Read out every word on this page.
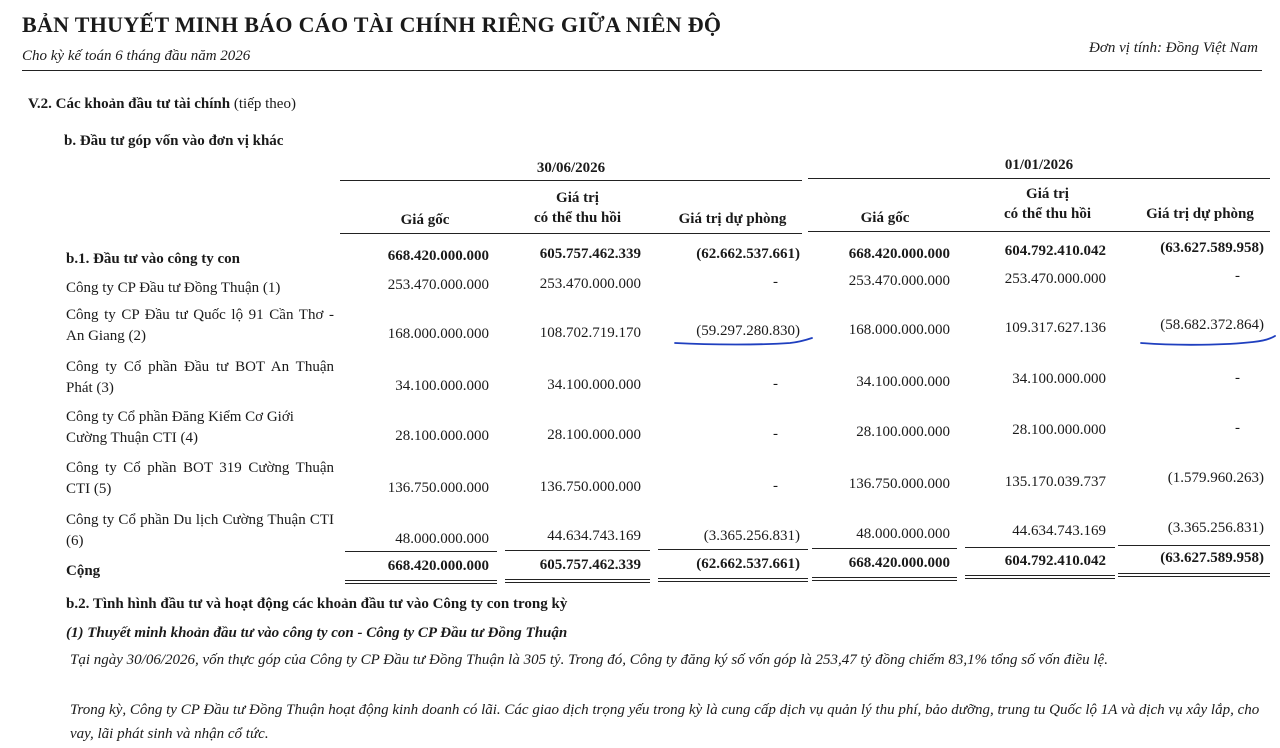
BẢN THUYẾT MINH BÁO CÁO TÀI CHÍNH RIÊNG GIỮA NIÊN ĐỘ
Cho kỳ kế toán 6 tháng đầu năm 2026	Đơn vị tính: Đồng Việt Nam
V.2. Các khoản đầu tư tài chính (tiếp theo)
b. Đầu tư góp vốn vào đơn vị khác
30/06/2026	01/01/2026
Giá gốc
Giá trị
có thể thu hồi	Giá trị dự phòng	Giá gốc
Giá trị
có thể thu hồi	Giá trị dự phòng
b.1. Đầu tư vào công ty con	668.420.000.000	605.757.462.339	(62.662.537.661)	668.420.000.000	604.792.410.042	(63.627.589.958)
Công ty CP Đầu tư Đồng Thuận (1)	253.470.000.000	253.470.000.000	-	253.470.000.000	253.470.000.000	-
Công ty CP Đầu tư Quốc lộ 91 Cần Thơ - An Giang (2)	168.000.000.000	108.702.719.170	(59.297.280.830)	168.000.000.000	109.317.627.136	(58.682.372.864)
Công ty Cổ phần Đầu tư BOT An Thuận Phát (3)	34.100.000.000	34.100.000.000	-	34.100.000.000	34.100.000.000	-
Công ty Cổ phần Đăng Kiểm Cơ Giới Cường Thuận CTI (4)	28.100.000.000	28.100.000.000	-	28.100.000.000	28.100.000.000	-
Công ty Cổ phần BOT 319 Cường Thuận CTI (5)	136.750.000.000	136.750.000.000	-	136.750.000.000	135.170.039.737	(1.579.960.263)
Công ty Cổ phần Du lịch Cường Thuận CTI (6)	48.000.000.000	44.634.743.169	(3.365.256.831)	48.000.000.000	44.634.743.169	(3.365.256.831)
Cộng	668.420.000.000	605.757.462.339	(62.662.537.661)	668.420.000.000	604.792.410.042	(63.627.589.958)
b.2. Tình hình đầu tư và hoạt động các khoản đầu tư vào Công ty con trong kỳ
(1) Thuyết minh khoản đầu tư vào công ty con - Công ty CP Đầu tư Đồng Thuận
Tại ngày 30/06/2026, vốn thực góp của Công ty CP Đầu tư Đồng Thuận là 305 tỷ. Trong đó, Công ty đăng ký số vốn góp là 253,47 tỷ đồng chiếm 83,1% tổng số vốn điều lệ.
Trong kỳ, Công ty CP Đầu tư Đồng Thuận hoạt động kinh doanh có lãi. Các giao dịch trọng yếu trong kỳ là cung cấp dịch vụ quản lý thu phí, bảo dưỡng, trung tu Quốc lộ 1A và dịch vụ xây lắp, cho vay, lãi phát sinh và nhận cổ tức.
